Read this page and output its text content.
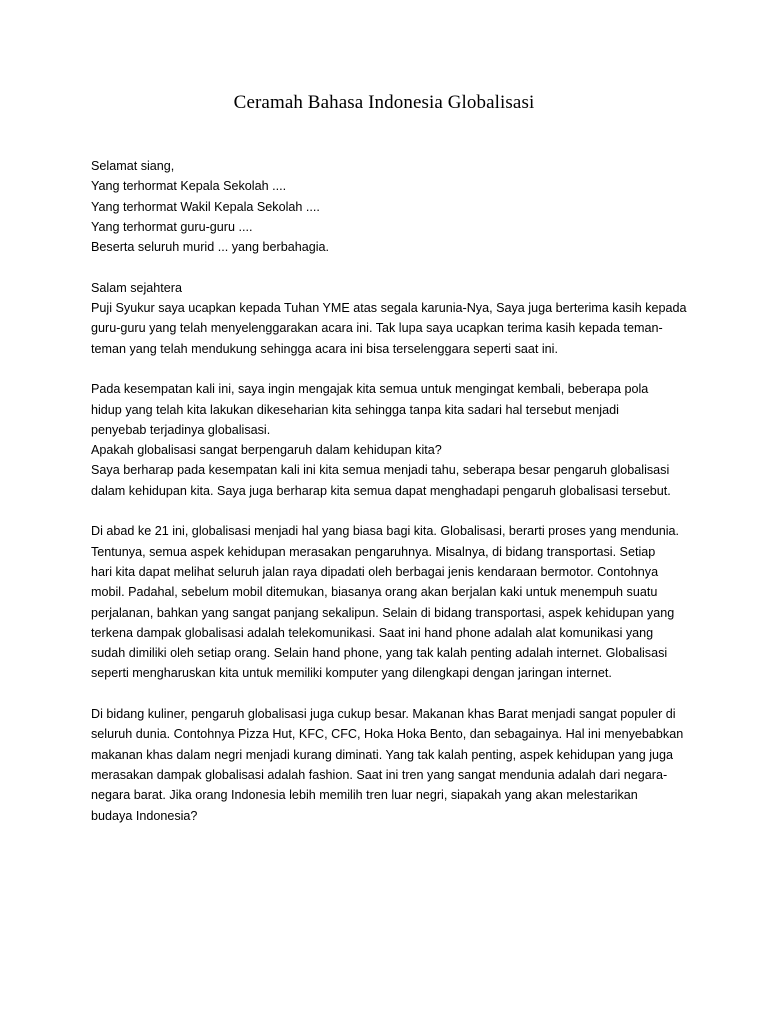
Ceramah Bahasa Indonesia Globalisasi
Selamat siang,
Yang terhormat Kepala Sekolah ....
Yang terhormat Wakil Kepala Sekolah ....
Yang terhormat guru-guru ....
Beserta seluruh murid ... yang berbahagia.
Salam sejahtera
Puji Syukur saya ucapkan kepada Tuhan YME atas segala karunia-Nya, Saya juga berterima kasih kepada
guru-guru yang telah menyelenggarakan acara ini. Tak lupa saya ucapkan terima kasih kepada teman-
teman yang telah mendukung sehingga acara ini bisa terselenggara seperti saat ini.
Pada kesempatan kali ini, saya ingin mengajak kita semua untuk mengingat kembali, beberapa pola
hidup yang telah kita lakukan dikeseharian kita sehingga tanpa kita sadari hal tersebut menjadi
penyebab terjadinya globalisasi.
Apakah globalisasi sangat berpengaruh dalam kehidupan kita?
Saya berharap pada kesempatan kali ini kita semua menjadi tahu, seberapa besar pengaruh globalisasi
dalam kehidupan kita. Saya juga berharap kita semua dapat menghadapi pengaruh globalisasi tersebut.
Di abad ke 21 ini, globalisasi menjadi hal yang biasa bagi kita. Globalisasi, berarti proses yang mendunia.
Tentunya, semua aspek kehidupan merasakan pengaruhnya. Misalnya, di bidang transportasi. Setiap
hari kita dapat melihat seluruh jalan raya dipadati oleh berbagai jenis kendaraan bermotor. Contohnya
mobil. Padahal, sebelum mobil ditemukan, biasanya orang akan berjalan kaki untuk menempuh suatu
perjalanan, bahkan yang sangat panjang sekalipun. Selain di bidang transportasi, aspek kehidupan yang
terkena dampak globalisasi adalah telekomunikasi. Saat ini hand phone adalah alat komunikasi yang
sudah dimiliki oleh setiap orang. Selain hand phone, yang tak kalah penting adalah internet. Globalisasi
seperti mengharuskan kita untuk memiliki komputer yang dilengkapi dengan jaringan internet.
Di bidang kuliner, pengaruh globalisasi juga cukup besar. Makanan khas Barat menjadi sangat populer di
seluruh dunia. Contohnya Pizza Hut, KFC, CFC, Hoka Hoka Bento, dan sebagainya. Hal ini menyebabkan
makanan khas dalam negri menjadi kurang diminati. Yang tak kalah penting, aspek kehidupan yang juga
merasakan dampak globalisasi adalah fashion. Saat ini tren yang sangat mendunia adalah dari negara-
negara barat. Jika orang Indonesia lebih memilih tren luar negri, siapakah yang akan melestarikan
budaya Indonesia?
